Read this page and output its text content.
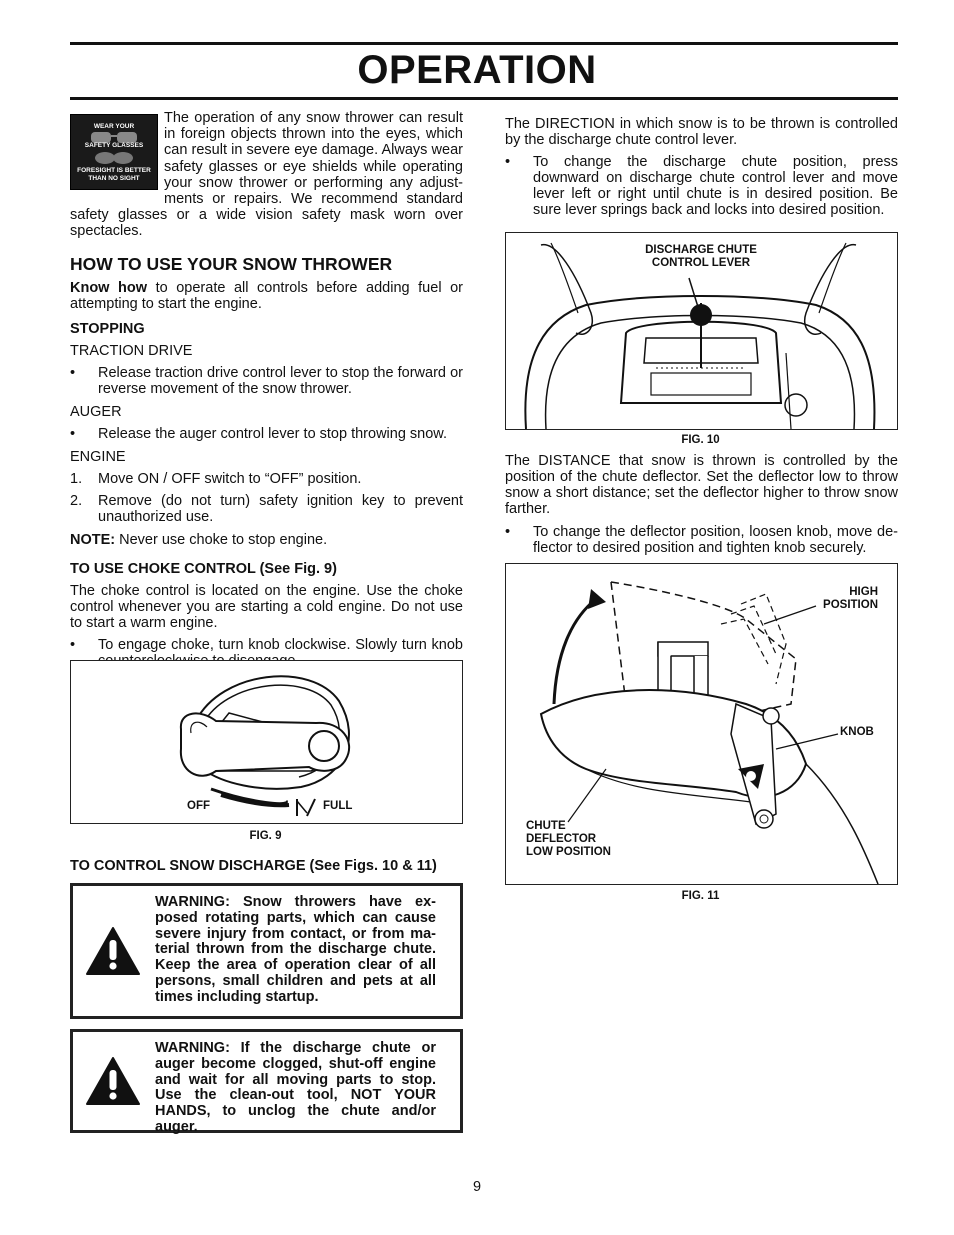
OPERATION
WEAR YOUR
SAFETY GLASSES
FORESIGHT IS BETTER
THAN NO SIGHT

The operation of any snow thrower can result in foreign objects thrown into the eyes, which can result in severe eye damage. Always wear safety glasses or eye shields while operating your snow thrower or performing any adjust-ments or repairs. We recommend standard safety glasses or a wide vision safety mask worn over spectacles.

HOW TO USE YOUR SNOW THROWER

Know how to operate all controls before adding fuel or attempting to start the engine.

STOPPING

TRACTION DRIVE

• Release traction drive control lever to stop the forward or reverse movement of the snow thrower.

AUGER

• Release the auger control lever to stop throwing snow.

ENGINE

1. Move ON / OFF switch to “OFF” position.
2. Remove (do not turn) safety ignition key to prevent unauthorized use.

NOTE: Never use choke to stop engine.

TO USE CHOKE CONTROL (See Fig. 9)

The choke control is located on the engine. Use the choke control whenever you are starting a cold engine. Do not use to start a warm engine.

• To engage choke, turn knob clockwise. Slowly turn knob
OFF	FULL
FIG. 9

TO CONTROL SNOW DISCHARGE (See Figs. 10 & 11)

WARNING: Snow throwers have ex-posed rotating parts, which can cause severe injury from contact, or from ma-terial thrown from the discharge chute. Keep the area of operation clear of all persons, small children and pets at all times including startup.
WARNING: If the discharge chute or auger become clogged, shut-off engine and wait for all moving parts to stop. Use the clean-out tool, NOT YOUR HANDS, to unclog the chute and/or auger.

The DIRECTION in which snow is to be thrown is controlled by the discharge chute control lever.

• To change the discharge chute position, press downward on discharge chute control lever and move lever left or right until chute is in desired position. Be sure lever springs back and locks into desired position.
DISCHARGE CHUTE
CONTROL LEVER
FIG. 10

The DISTANCE that snow is thrown is controlled by the position of the chute deflector. Set the deflector low to throw snow a short distance; set the deflector higher to throw snow farther.

• To change the deflector position, loosen knob, move de-flector to desired position and tighten knob securely.
HIGH
POSITION
KNOB
CHUTE
DEFLECTOR
LOW POSITION
FIG. 11
9
